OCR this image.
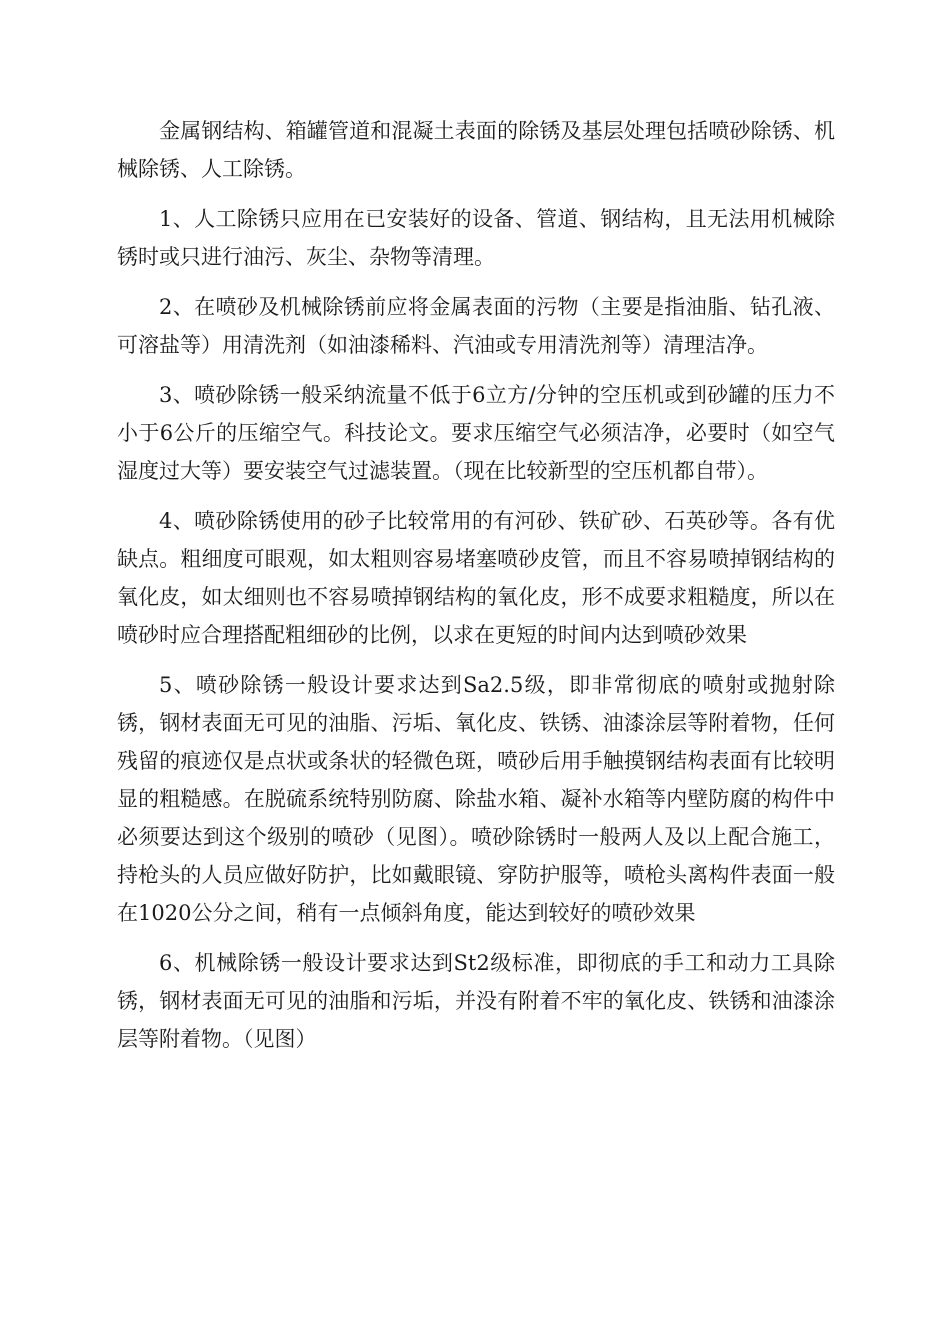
金属钢结构、箱罐管道和混凝土表面的除锈及基层处理包括喷砂除锈、机械除锈、人工除锈。

1、人工除锈只应用在已安装好的设备、管道、钢结构，且无法用机械除锈时或只进行油污、灰尘、杂物等清理。

2、在喷砂及机械除锈前应将金属表面的污物（主要是指油脂、钻孔液、可溶盐等）用清洗剂（如油漆稀料、汽油或专用清洗剂等）清理洁净。

3、喷砂除锈一般采纳流量不低于6立方/分钟的空压机或到砂罐的压力不小于6公斤的压缩空气。科技论文。要求压缩空气必须洁净，必要时（如空气湿度过大等）要安装空气过滤装置。（现在比较新型的空压机都自带）。

4、喷砂除锈使用的砂子比较常用的有河砂、铁矿砂、石英砂等。各有优缺点。粗细度可眼观，如太粗则容易堵塞喷砂皮管，而且不容易喷掉钢结构的氧化皮，如太细则也不容易喷掉钢结构的氧化皮，形不成要求粗糙度，所以在喷砂时应合理搭配粗细砂的比例，以求在更短的时间内达到喷砂效果

5、喷砂除锈一般设计要求达到Sa2.5级，即非常彻底的喷射或抛射除锈，钢材表面无可见的油脂、污垢、氧化皮、铁锈、油漆涂层等附着物，任何残留的痕迹仅是点状或条状的轻微色斑，喷砂后用手触摸钢结构表面有比较明显的粗糙感。在脱硫系统特别防腐、除盐水箱、凝补水箱等内壁防腐的构件中必须要达到这个级别的喷砂（见图）。喷砂除锈时一般两人及以上配合施工，持枪头的人员应做好防护，比如戴眼镜、穿防护服等，喷枪头离构件表面一般在1020公分之间，稍有一点倾斜角度，能达到较好的喷砂效果

6、机械除锈一般设计要求达到St2级标准，即彻底的手工和动力工具除锈，钢材表面无可见的油脂和污垢，并没有附着不牢的氧化皮、铁锈和油漆涂层等附着物。（见图）
